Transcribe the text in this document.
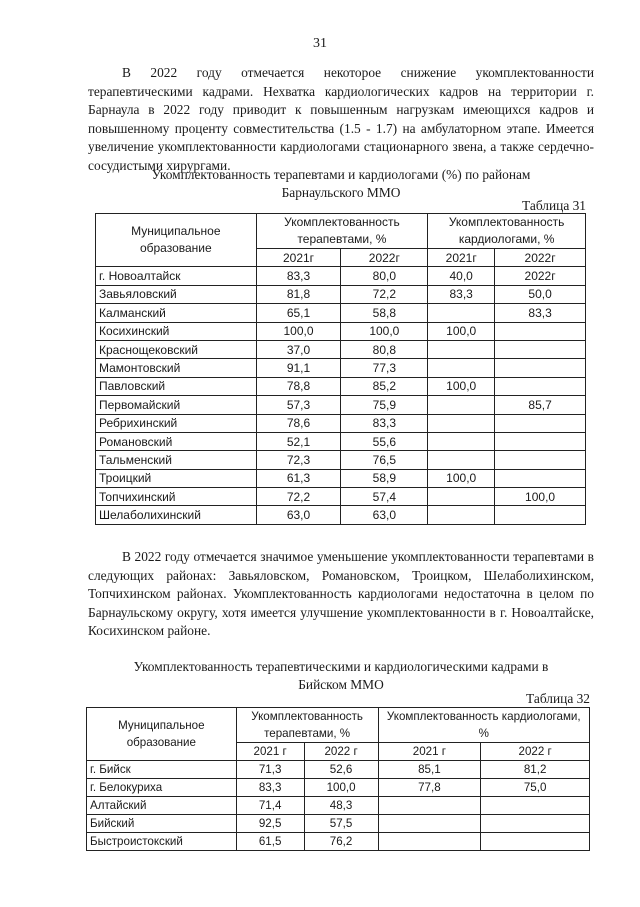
31
В 2022 году отмечается некоторое снижение укомплектованности терапевтическими кадрами. Нехватка кардиологических кадров на территории г. Барнаула в 2022 году приводит к повышенным нагрузкам имеющихся кадров и повышенному проценту совместительства (1.5 - 1.7) на амбулаторном этапе. Имеется увеличение укомплектованности кардиологами стационарного звена, а также сердечно-сосудистыми хирургами.
Укомплектованность терапевтами и кардиологами (%) по районам
Барнаульского ММО
Таблица 31
Муниципальное образование	Укомплектованность терапевтами, %		Укомплектованность кардиологами, %	
	2021г	2022г	2021г	2022г
г. Новоалтайск	83,3	80,0	40,0	2022г
Завьяловский	81,8	72,2	83,3	50,0
Калманский	65,1	58,8		83,3
Косихинский	100,0	100,0	100,0	
Краснощековский	37,0	80,8		
Мамонтовский	91,1	77,3		
Павловский	78,8	85,2	100,0	
Первомайский	57,3	75,9		85,7
Ребрихинский	78,6	83,3		
Романовский	52,1	55,6		
Тальменский	72,3	76,5		
Троицкий	61,3	58,9	100,0	
Топчихинский	72,2	57,4		100,0
Шелаболихинский	63,0	63,0		
В 2022 году отмечается значимое уменьшение укомплектованности терапевтами в следующих районах: Завьяловском, Романовском, Троицком, Шелаболихинском, Топчихинском районах. Укомплектованность кардиологами недостаточна в целом по Барнаульскому округу, хотя имеется улучшение укомплектованности в г. Новоалтайске, Косихинском районе.
Укомплектованность терапевтическими и кардиологическими кадрами в
Бийском ММО
Таблица 32
Муниципальное образование	Укомплектованность терапевтами, %		Укомплектованность кардиологами, %	
	2021 г	2022 г	2021 г	2022 г
г. Бийск	71,3	52,6	85,1	81,2
г. Белокуриха	83,3	100,0	77,8	75,0
Алтайский	71,4	48,3		
Бийский	92,5	57,5		
Быстроистокский	61,5	76,2		
